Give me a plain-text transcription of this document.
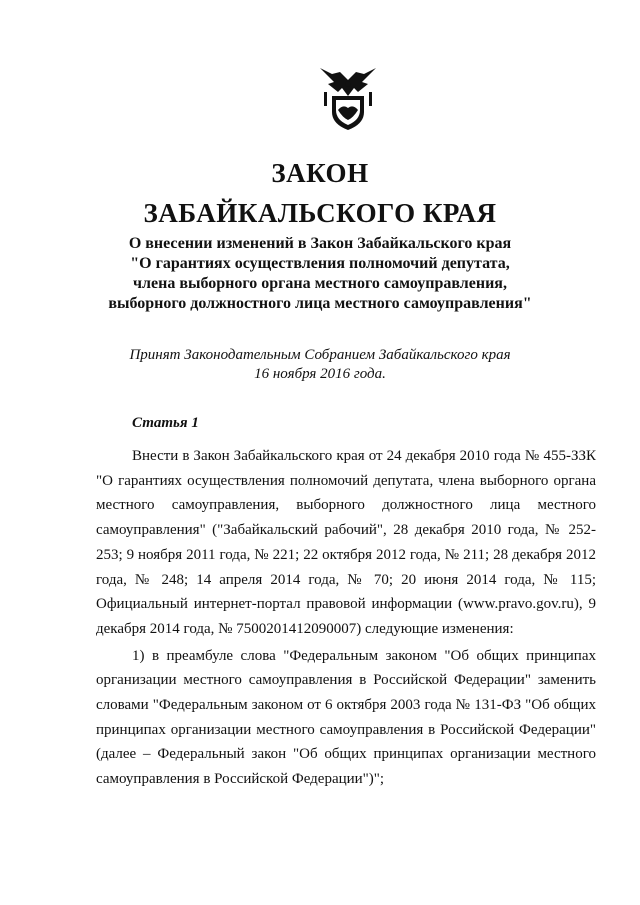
ЗАКОН
ЗАБАЙКАЛЬСКОГО КРАЯ
О внесении изменений в Закон Забайкальского края
"О гарантиях осуществления полномочий депутата,
члена выборного органа местного самоуправления,
выборного должностного лица местного самоуправления"
Принят Законодательным Собранием Забайкальского края
16 ноября 2016 года.
Статья 1

Внести в Закон Забайкальского края от 24 декабря 2010 года № 455-ЗЗК "О гарантиях осуществления полномочий депутата, члена выборного органа местного самоуправления, выборного должностного лица местного самоуправления" ("Забайкальский рабочий", 28 декабря 2010 года, № 252-253; 9 ноября 2011 года, № 221; 22 октября 2012 года, № 211; 28 декабря 2012 года, № 248; 14 апреля 2014 года, № 70; 20 июня 2014 года, № 115; Официальный интернет-портал правовой информации (www.pravo.gov.ru), 9 декабря 2014 года, № 7500201412090007) следующие изменения:

1) в преамбуле слова "Федеральным законом "Об общих принципах организации местного самоуправления в Российской Федерации" заменить словами "Федеральным законом от 6 октября 2003 года № 131-ФЗ "Об общих принципах организации местного самоуправления в Российской Федерации" (далее – Федеральный закон "Об общих принципах организации местного самоуправления в Российской Федерации")";
